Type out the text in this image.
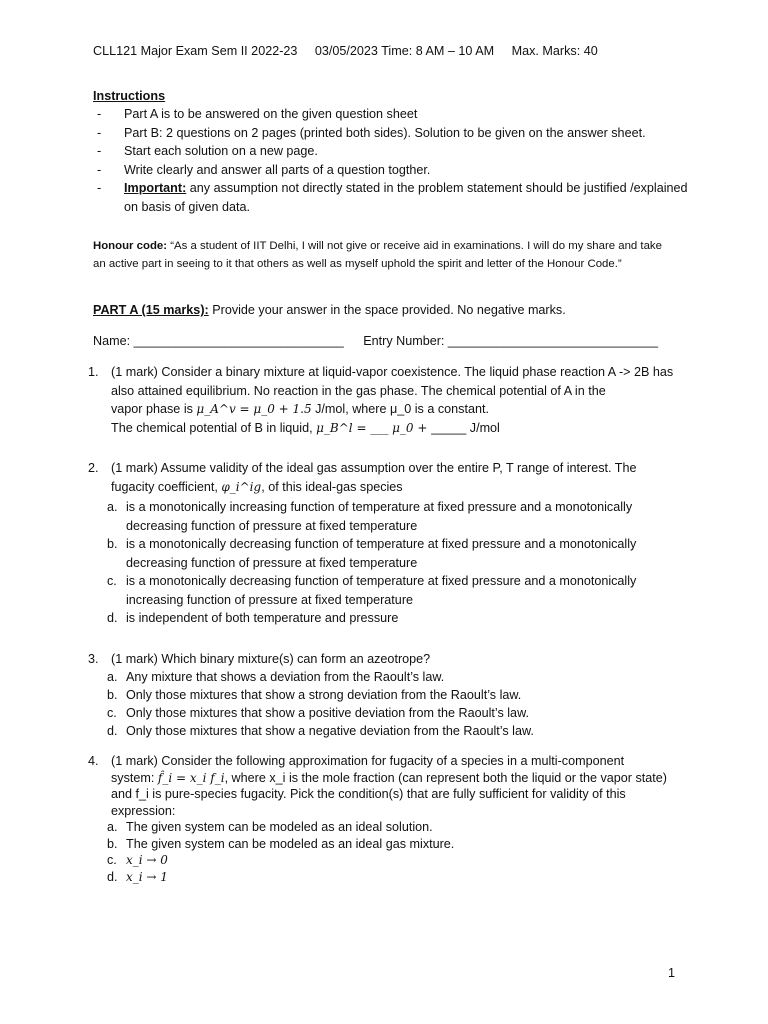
CLL121 Major Exam Sem II 2022-23 03/05/2023 Time: 8 AM – 10 AM Max. Marks: 40
Instructions
-	Part A is to be answered on the given question sheet
-	Part B: 2 questions on 2 pages (printed both sides). Solution to be given on the answer sheet.
-	Start each solution on a new page.
-	Write clearly and answer all parts of a question togther.
-	Important: any assumption not directly stated in the problem statement should be justified /explained on basis of given data.
Honour code: “As a student of IIT Delhi, I will not give or receive aid in examinations. I will do my share and take an active part in seeing to it that others as well as myself uphold the spirit and letter of the Honour Code.”
PART A (15 marks): Provide your answer in the space provided. No negative marks.
Name: ______________________________ Entry Number: ______________________________
1. (1 mark) Consider a binary mixture at liquid-vapor coexistence. The liquid phase reaction A -> 2B has also attained equilibrium. No reaction in the gas phase. The chemical potential of A in the
vapor phase is μ_A^v = μ_0 + 1.5 J/mol, where μ_0 is a constant.
The chemical potential of B in liquid, μ_B^l = ___ μ_0 + _____ J/mol
2. (1 mark) Assume validity of the ideal gas assumption over the entire P, T range of interest. The
fugacity coefficient, φ_i^ig, of this ideal-gas species
a. is a monotonically increasing function of temperature at fixed pressure and a monotonically decreasing function of pressure at fixed temperature
b. is a monotonically decreasing function of temperature at fixed pressure and a monotonically decreasing function of pressure at fixed temperature
c. is a monotonically decreasing function of temperature at fixed pressure and a monotonically increasing function of pressure at fixed temperature
d. is independent of both temperature and pressure
3. (1 mark) Which binary mixture(s) can form an azeotrope?
a. Any mixture that shows a deviation from the Raoult’s law.
b. Only those mixtures that show a strong deviation from the Raoult’s law.
c. Only those mixtures that show a positive deviation from the Raoult’s law.
d. Only those mixtures that show a negative deviation from the Raoult’s law.
4. (1 mark) Consider the following approximation for fugacity of a species in a multi-component
system: f̂_i = x_i f_i, where x_i is the mole fraction (can represent both the liquid or the vapor state) and f_i is pure-species fugacity. Pick the condition(s) that are fully sufficient for validity of this expression:
a. The given system can be modeled as an ideal solution.
b. The given system can be modeled as an ideal gas mixture.
c. x_i → 0
d. x_i → 1
1
